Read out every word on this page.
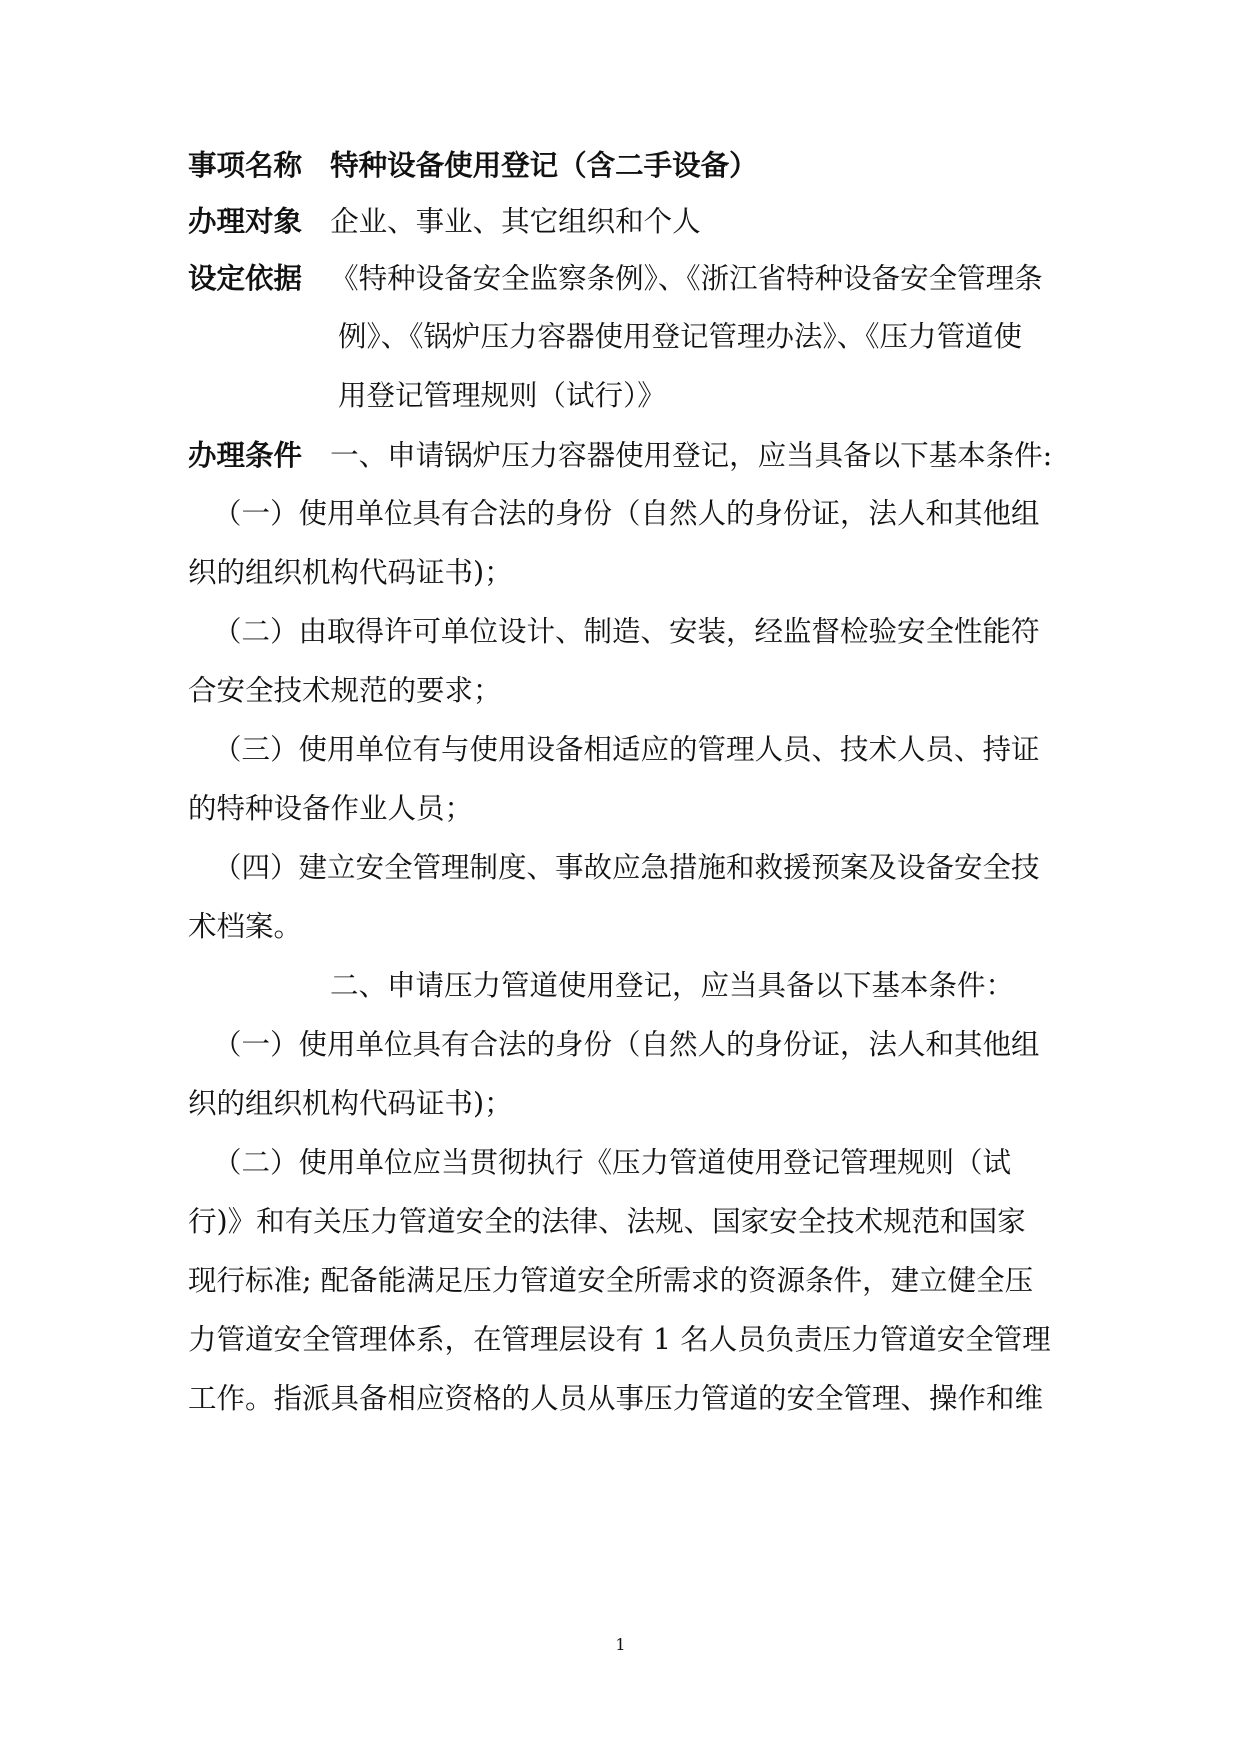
事项名称 特种设备使用登记（含二手设备）
办理对象 企业、事业、其它组织和个人
设定依据 《特种设备安全监察条例》、《浙江省特种设备安全管理条
例》、《锅炉压力容器使用登记管理办法》、《压力管道使
用登记管理规则（试行）》
办理条件 一、申请锅炉压力容器使用登记，应当具备以下基本条件:
（一）使用单位具有合法的身份（自然人的身份证，法人和其他组
织的组织机构代码证书)；
（二）由取得许可单位设计、制造、安装，经监督检验安全性能符
合安全技术规范的要求；
（三）使用单位有与使用设备相适应的管理人员、技术人员、持证
的特种设备作业人员；
（四）建立安全管理制度、事故应急措施和救援预案及设备安全技
术档案。
二、申请压力管道使用登记，应当具备以下基本条件：
（一）使用单位具有合法的身份（自然人的身份证，法人和其他组
织的组织机构代码证书)；
（二）使用单位应当贯彻执行《压力管道使用登记管理规则（试
行)》和有关压力管道安全的法律、法规、国家安全技术规范和国家
现行标准; 配备能满足压力管道安全所需求的资源条件，建立健全压
力管道安全管理体系，在管理层设有 1 名人员负责压力管道安全管理
工作。指派具备相应资格的人员从事压力管道的安全管理、操作和维
1
